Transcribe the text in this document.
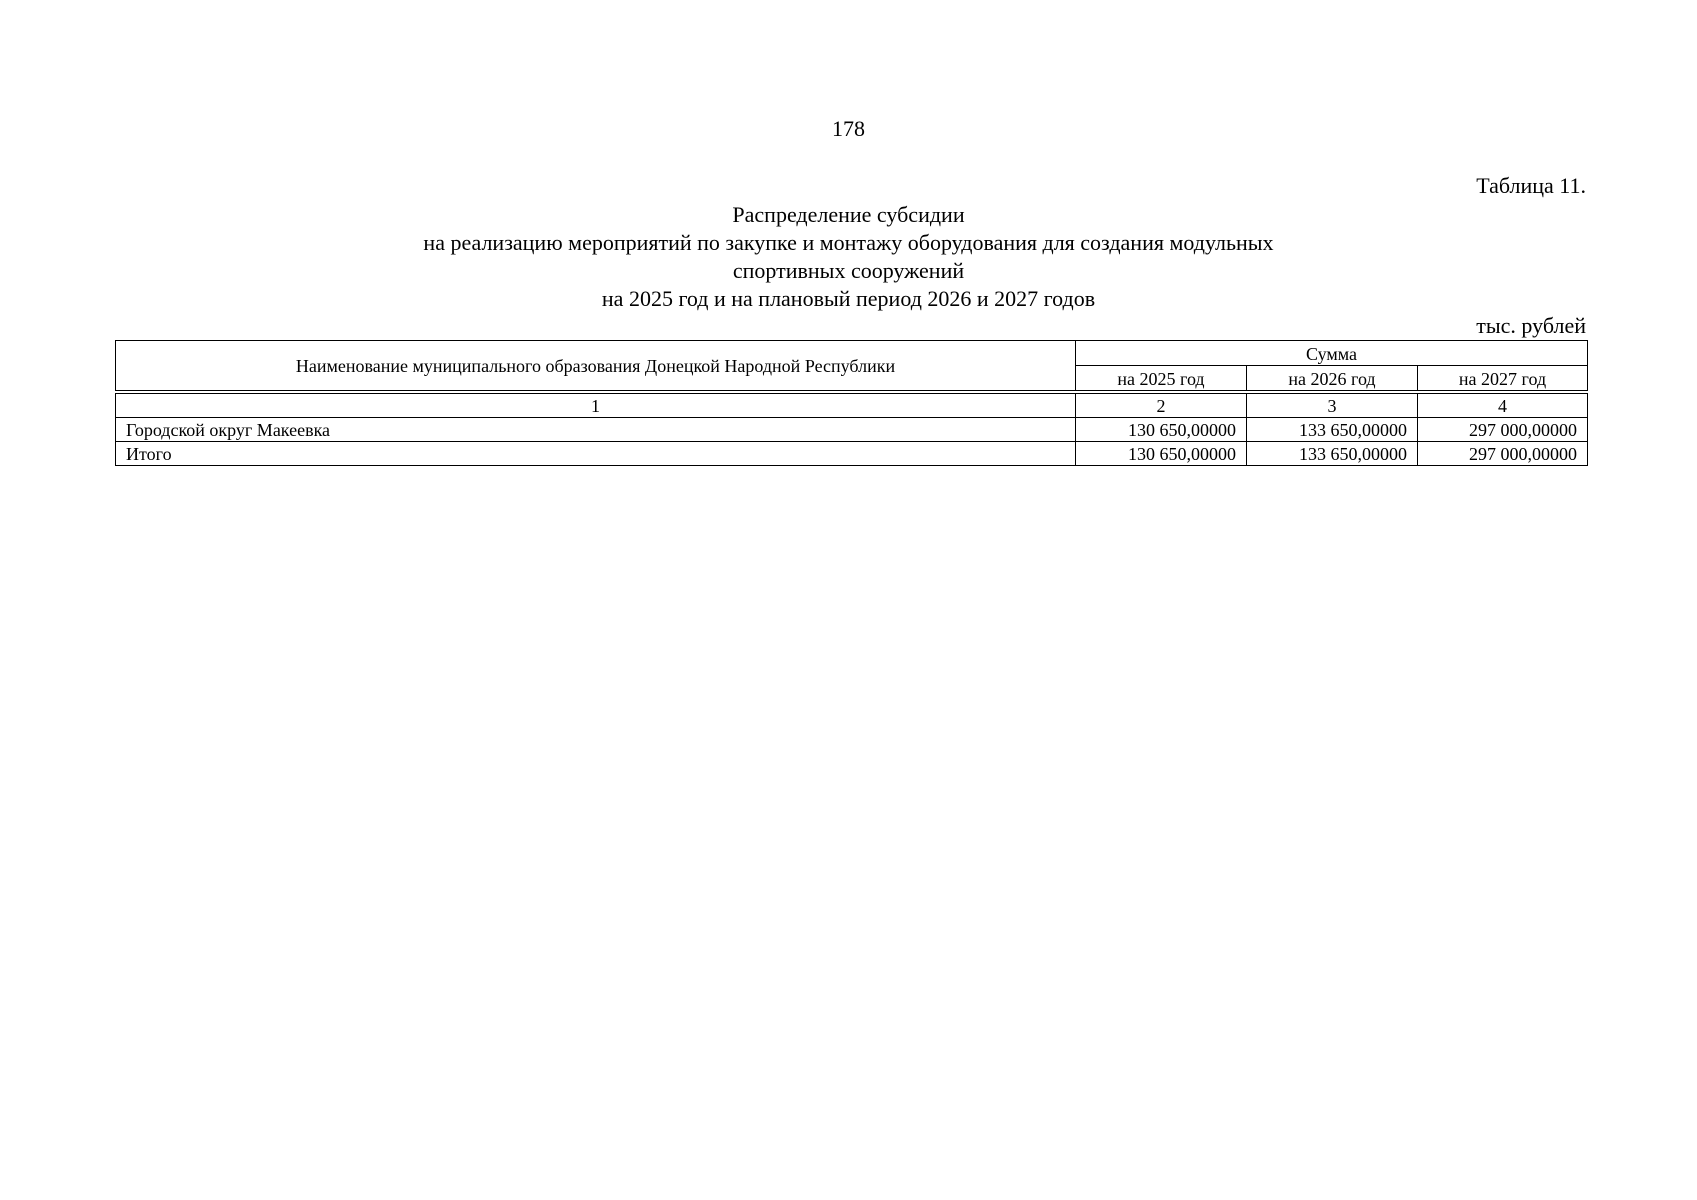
178
Таблица 11.
Распределение субсидии
на реализацию мероприятий по закупке и монтажу оборудования для создания модульных
спортивных сооружений
на 2025 год и на плановый период 2026 и 2027 годов
тыс. рублей
Наименование муниципального образования Донецкой Народной Республики	Сумма		
	на 2025 год	на 2026 год	на 2027 год
1	2	3	4
Городской округ Макеевка	130 650,00000	133 650,00000	297 000,00000
Итого	130 650,00000	133 650,00000	297 000,00000
